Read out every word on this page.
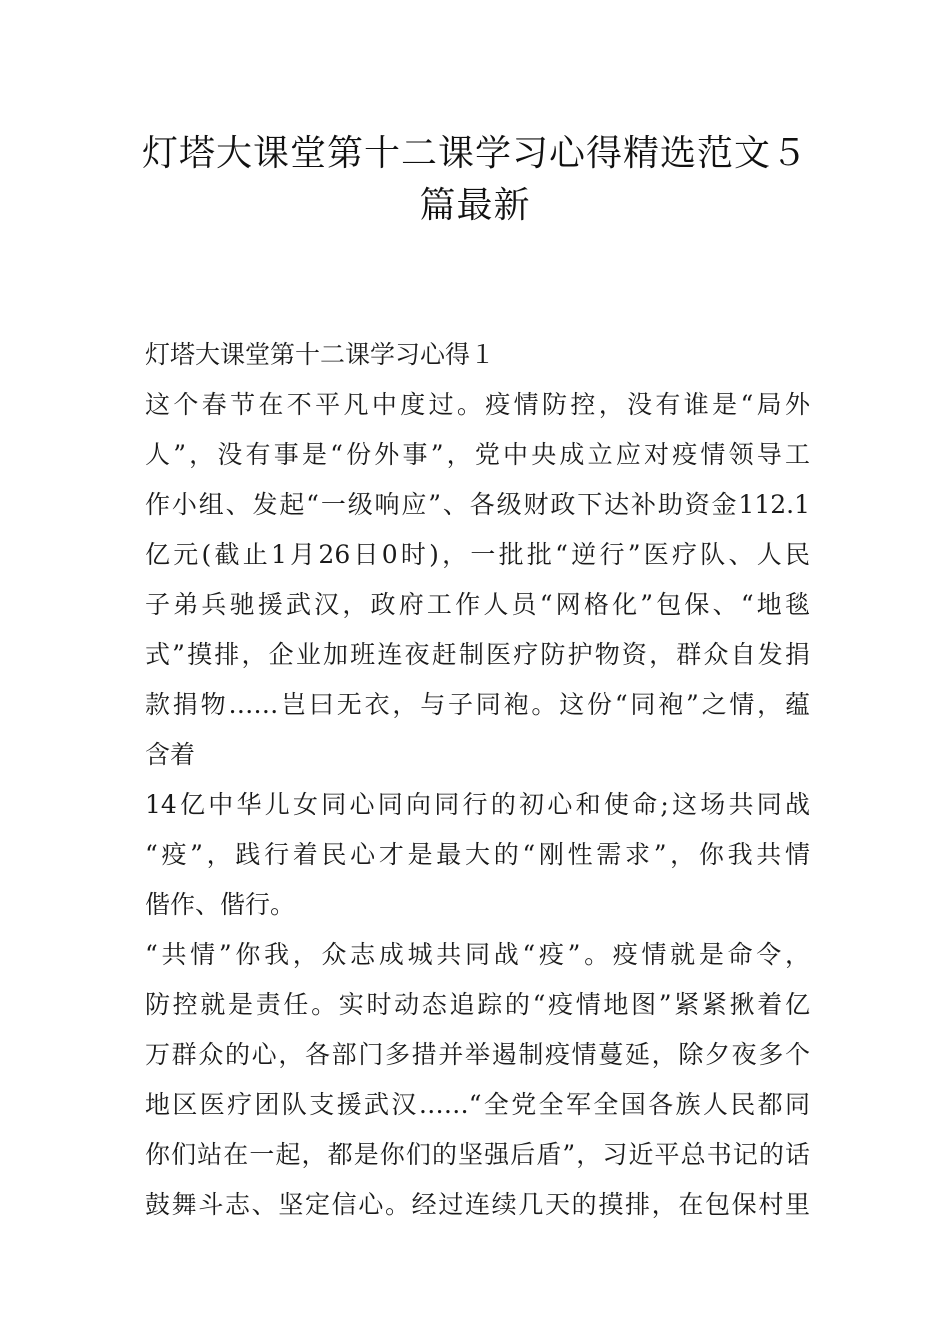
灯塔大课堂第十二课学习心得精选范文５
篇最新
灯塔大课堂第十二课学习心得１
这个春节在不平凡中度过。疫情防控，没有谁是“局外
人”，没有事是“份外事”，党中央成立应对疫情领导工
作小组、发起“一级响应”、各级财政下达补助资金112.1
亿元(截止1月26日0时)，一批批“逆行”医疗队、人民
子弟兵驰援武汉，政府工作人员“网格化”包保、“地毯
式”摸排，企业加班连夜赶制医疗防护物资，群众自发捐
款捐物……岂曰无衣，与子同袍。这份“同袍”之情，蕴
含着
14亿中华儿女同心同向同行的初心和使命;这场共同战
“疫”，践行着民心才是最大的“刚性需求”，你我共情
偕作、偕行。
“共情”你我，众志成城共同战“疫”。疫情就是命令，
防控就是责任。实时动态追踪的“疫情地图”紧紧揪着亿
万群众的心，各部门多措并举遏制疫情蔓延，除夕夜多个
地区医疗团队支援武汉……“全党全军全国各族人民都同
你们站在一起，都是你们的坚强后盾”，习近平总书记的话
鼓舞斗志、坚定信心。经过连续几天的摸排，在包保村里
